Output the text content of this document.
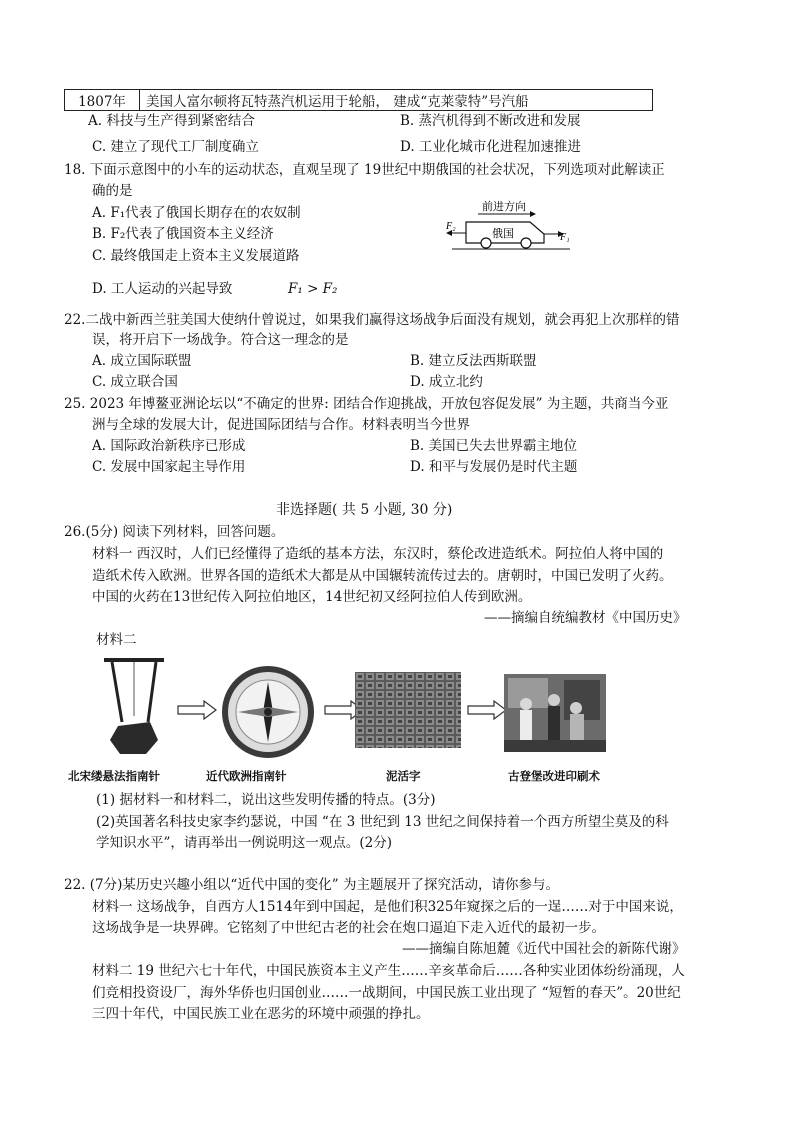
1807年	美国人富尔顿将瓦特蒸汽机运用于轮船， 建成“克莱蒙特”号汽船
A. 科技与生产得到紧密结合	B. 蒸汽机得到不断改进和发展
C. 建立了现代工厂制度确立	D. 工业化城市化进程加速推进
18. 下面示意图中的小车的运动状态，直观呈现了 19世纪中期俄国的社会状况，下列选项对此解读正
确的是
A. F₁代表了俄国长期存在的农奴制
B. F₂代表了俄国资本主义经济
C. 最终俄国走上资本主义发展道路
D. 工人运动的兴起导致	F₁ > F₂
前进方向
俄国
F₂
F₁
22.二战中新西兰驻美国大使纳什曾说过，如果我们赢得这场战争后面没有规划，就会再犯上次那样的错
误，将开启下一场战争。符合这一理念的是
A. 成立国际联盟	B. 建立反法西斯联盟
C. 成立联合国	D. 成立北约
25. 2023 年博鳌亚洲论坛以“不确定的世界: 团结合作迎挑战，开放包容促发展” 为主题，共商当今亚
洲与全球的发展大计，促进国际团结与合作。材料表明当今世界
A. 国际政治新秩序已形成	B. 美国已失去世界霸主地位
C. 发展中国家起主导作用	D. 和平与发展仍是时代主题
非选择题( 共 5 小题, 30 分)
26.(5分) 阅读下列材料，回答问题。
材料一 西汉时，人们已经懂得了造纸的基本方法，东汉时，蔡伦改进造纸术。阿拉伯人将中国的
造纸术传入欧洲。世界各国的造纸术大都是从中国辗转流传过去的。唐朝时，中国已发明了火药。
中国的火药在13世纪传入阿拉伯地区，14世纪初又经阿拉伯人传到欧洲。
——摘编自统编教材《中国历史》
材料二
北宋缕悬法指南针	近代欧洲指南针	泥活字	古登堡改进印刷术
(1) 据材料一和材料二，说出这些发明传播的特点。(3分)
(2)英国著名科技史家李约瑟说，中国 “在 3 世纪到 13 世纪之间保持着一个西方所望尘莫及的科
学知识水平”，请再举出一例说明这一观点。(2分)
22. (7分)某历史兴趣小组以“近代中国的变化” 为主题展开了探究活动，请你参与。
材料一 这场战争，自西方人1514年到中国起，是他们积325年窥探之后的一逞……对于中国来说，
这场战争是一块界碑。它铭刻了中世纪古老的社会在炮口逼迫下走入近代的最初一步。
——摘编自陈旭麓《近代中国社会的新陈代谢》
材料二 19 世纪六七十年代，中国民族资本主义产生……辛亥革命后……各种实业团体纷纷涌现，人
们竞相投资设厂，海外华侨也归国创业……一战期间，中国民族工业出现了 “短暂的春天”。20世纪
三四十年代，中国民族工业在恶劣的环境中顽强的挣扎。
